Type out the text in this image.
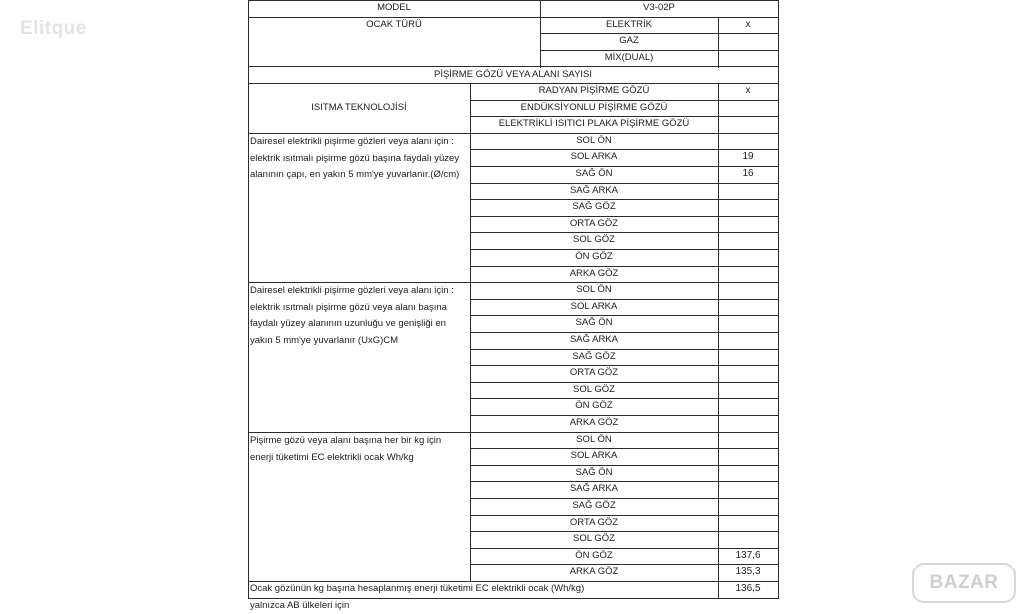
Elitque
BAZAR
MODEL	V3-02P
OCAK TÜRÜ	ELEKTRİK	x
GAZ
MİX(DUAL)
PİŞİRME GÖZÜ VEYA ALANI SAYISI
ISITMA TEKNOLOJİSİ
RADYAN PİŞİRME GÖZÜ	x
ENDÜKSİYONLU PİŞİRME GÖZÜ
ELEKTRİKLİ ISITICI PLAKA PİŞİRME GÖZÜ
Dairesel elektrikli pişirme gözleri veya alanı için : elektrik ısıtmalı pişirme gözü başına faydalı yüzey alanının çapı, en yakın 5 mm'ye yuvarlanır.(Ø/cm)
SOL ÖN
SOL ARKA	19
SAĞ ÖN	16
SAĞ ARKA
SAĞ GÖZ
ORTA GÖZ
SOL GÖZ
ÖN GÖZ
ARKA GÖZ
Dairesel elektrikli pişirme gözleri veya alanı için : elektrik ısıtmalı pişirme gözü veya alanı başına faydalı yüzey alanının uzunluğu ve genişliği en yakın 5 mm'ye yuvarlanır (UxG)CM
SOL ÖN
SOL ARKA
SAĞ ÖN
SAĞ ARKA
SAĞ GÖZ
ORTA GÖZ
SOL GÖZ
ÖN GÖZ
ARKA GÖZ
Pişirme gözü veya alanı başına her bir kg için enerji tüketimi EC elektrikli ocak Wh/kg
SOL ÖN
SOL ARKA
SAĞ ÖN
SAĞ ARKA
SAĞ GÖZ
ORTA GÖZ
SOL GÖZ
ÖN GÖZ	137,6
ARKA GÖZ	135,3
Ocak gözünün kg başına hesaplanmış enerji tüketimi EC elektrikli ocak (Wh/kg)	136,5
yalnızca AB ülkeleri için
